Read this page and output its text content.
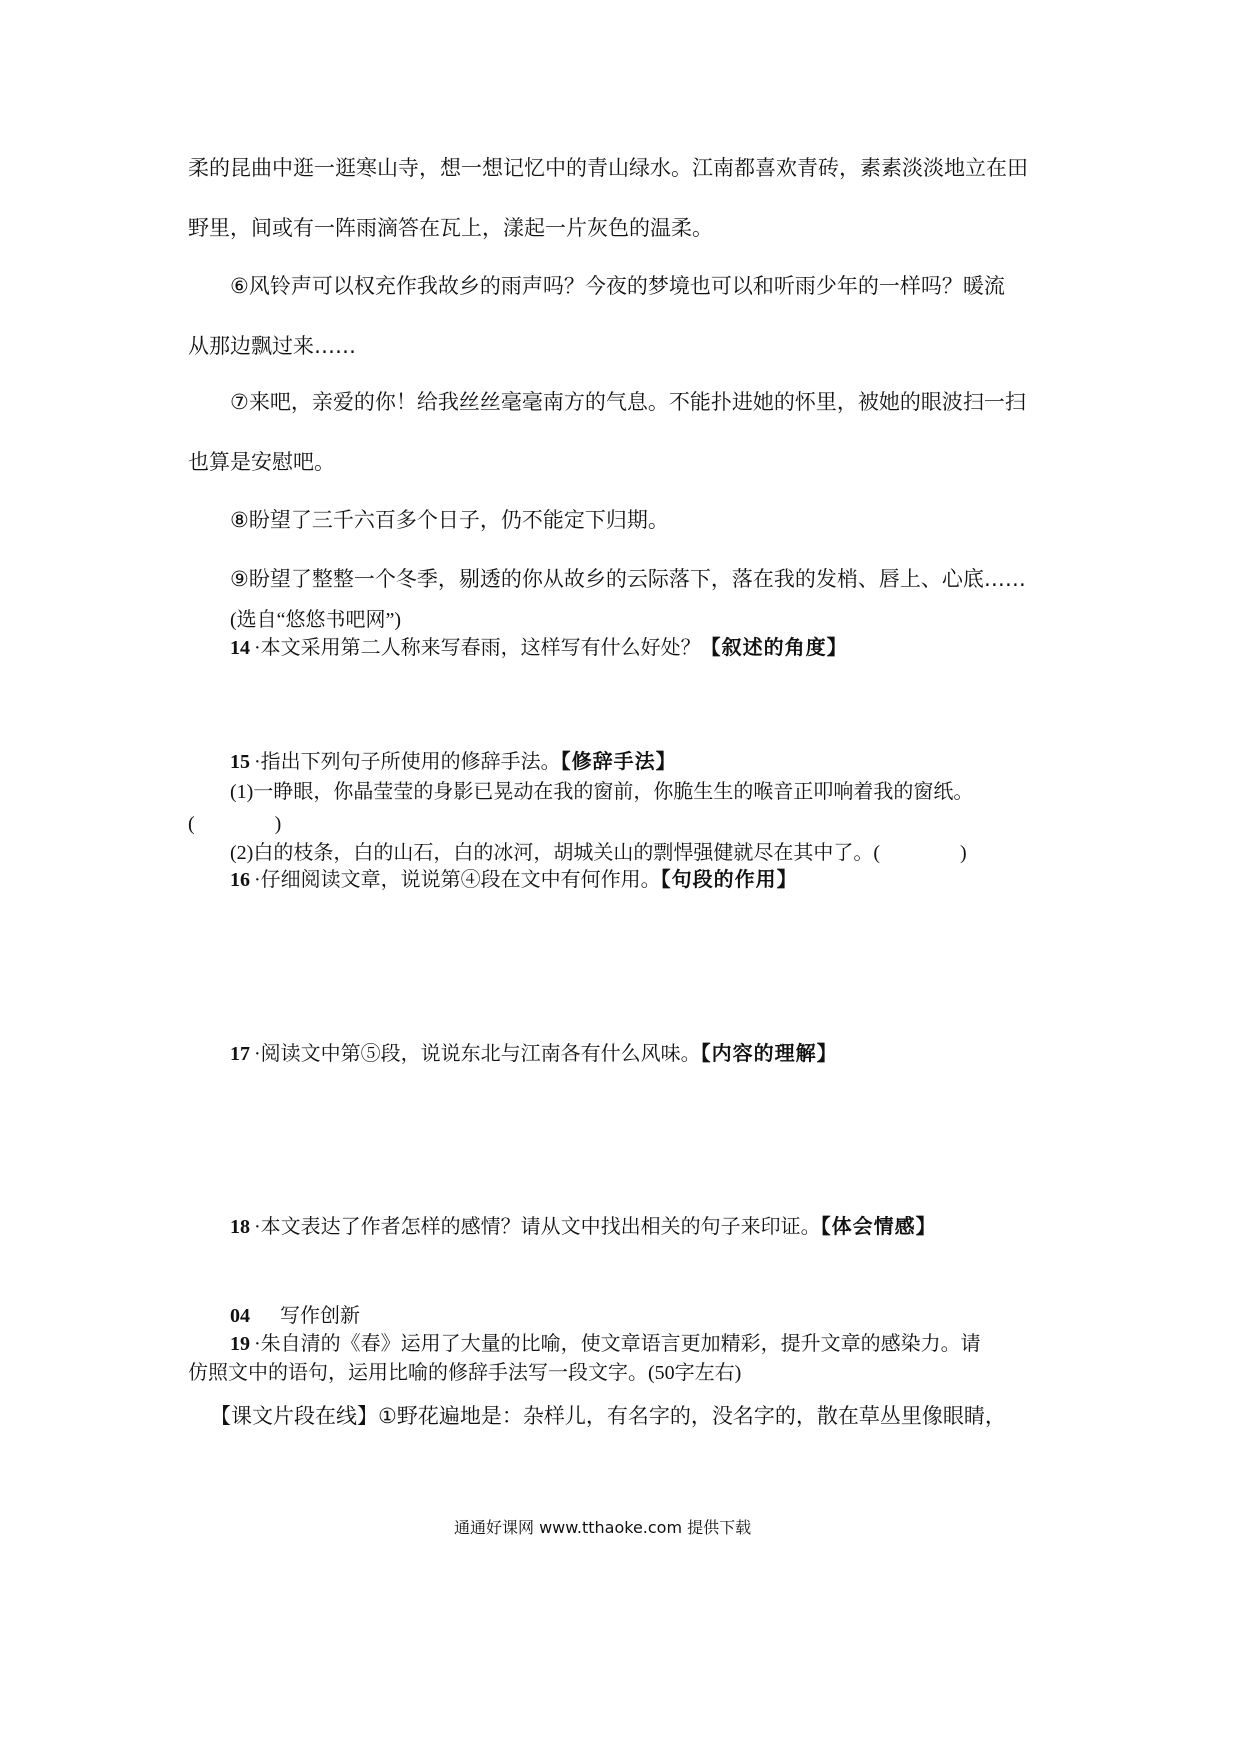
柔的昆曲中逛一逛寒山寺，想一想记忆中的青山绿水。江南都喜欢青砖，素素淡淡地立在田
野里，间或有一阵雨滴答在瓦上，漾起一片灰色的温柔。
⑥风铃声可以权充作我故乡的雨声吗？今夜的梦境也可以和听雨少年的一样吗？暖流
从那边飘过来……
⑦来吧，亲爱的你！给我丝丝毫毫南方的气息。不能扑进她的怀里，被她的眼波扫一扫
也算是安慰吧。
⑧盼望了三千六百多个日子，仍不能定下归期。
⑨盼望了整整一个冬季，剔透的你从故乡的云际落下，落在我的发梢、唇上、心底……
(选自“悠悠书吧网”)
14 ·本文采用第二人称来写春雨，这样写有什么好处？【叙述的角度】
15 ·指出下列句子所使用的修辞手法。【修辞手法】
(1)一睁眼，你晶莹莹的身影已晃动在我的窗前，你脆生生的喉音正叩响着我的窗纸。
(　　　　)
(2)白的枝条，白的山石，白的冰河，胡城关山的剽悍强健就尽在其中了。(　　　　)
16 ·仔细阅读文章，说说第④段在文中有何作用。【句段的作用】
17 ·阅读文中第⑤段，说说东北与江南各有什么风味。【内容的理解】
18 ·本文表达了作者怎样的感情？请从文中找出相关的句子来印证。【体会情感】
04 写作创新
19 ·朱自清的《春》运用了大量的比喻，使文章语言更加精彩，提升文章的感染力。请
仿照文中的语句，运用比喻的修辞手法写一段文字。(50字左右)
【课文片段在线】①野花遍地是：杂样儿，有名字的，没名字的，散在草丛里像眼睛，
通通好课网 www.tthaoke.com 提供下载
